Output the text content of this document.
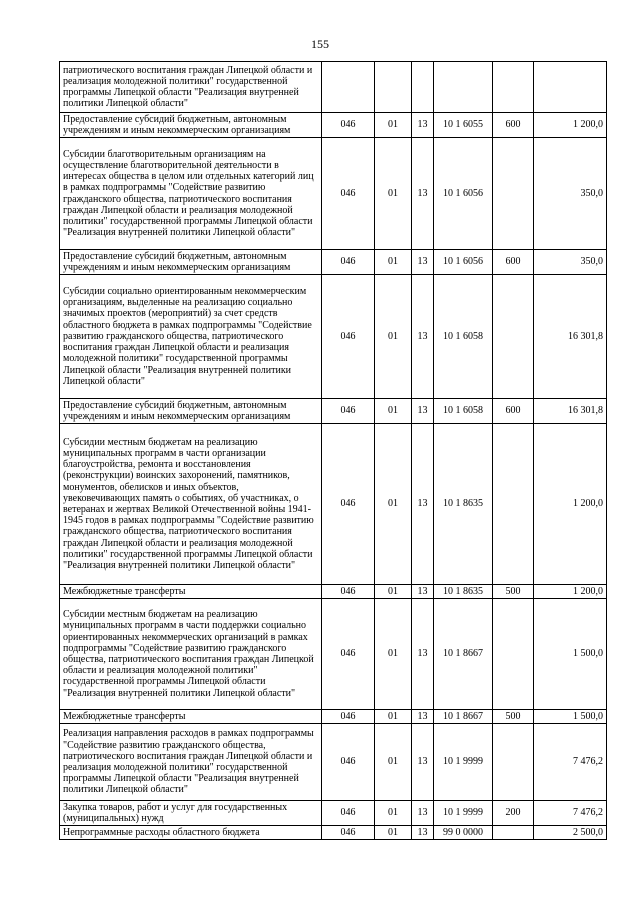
155
патриотического воспитания граждан Липецкой области и реализация молодежной политики" государственной программы Липецкой области "Реализация внутренней политики Липецкой области"						
Предоставление субсидий бюджетным, автономным учреждениям и иным некоммерческим организациям	046	01	13	10 1 6055	600	1 200,0
Субсидии благотворительным организациям на осуществление благотворительной деятельности в интересах общества в целом или отдельных категорий лиц в рамках подпрограммы "Содействие развитию гражданского общества, патриотического воспитания граждан Липецкой области и реализация молодежной политики" государственной программы Липецкой области "Реализация внутренней политики Липецкой области"	046	01	13	10 1 6056		350,0
Предоставление субсидий бюджетным, автономным учреждениям и иным некоммерческим организациям	046	01	13	10 1 6056	600	350,0
Субсидии социально ориентированным некоммерческим организациям, выделенные на реализацию социально значимых проектов (мероприятий) за счет средств областного бюджета в рамках подпрограммы "Содействие развитию гражданского общества, патриотического воспитания граждан Липецкой области и реализация молодежной политики" государственной программы Липецкой области "Реализация внутренней политики Липецкой области"	046	01	13	10 1 6058		16 301,8
Предоставление субсидий бюджетным, автономным учреждениям и иным некоммерческим организациям	046	01	13	10 1 6058	600	16 301,8
Субсидии местным бюджетам на реализацию муниципальных программ в части организации благоустройства, ремонта и восстановления (реконструкции) воинских захоронений, памятников, монументов, обелисков и иных объектов, увековечивающих память о событиях, об участниках, о ветеранах и жертвах Великой Отечественной войны 1941-1945 годов в рамках подпрограммы "Содействие развитию гражданского общества, патриотического воспитания граждан Липецкой области и реализация молодежной политики" государственной программы Липецкой области "Реализация внутренней политики Липецкой области"	046	01	13	10 1 8635		1 200,0
Межбюджетные трансферты	046	01	13	10 1 8635	500	1 200,0
Субсидии местным бюджетам на реализацию муниципальных программ в части поддержки социально ориентированных некоммерческих организаций в рамках подпрограммы "Содействие развитию гражданского общества, патриотического воспитания граждан Липецкой области и реализация молодежной политики" государственной программы Липецкой области "Реализация внутренней политики Липецкой области"	046	01	13	10 1 8667		1 500,0
Межбюджетные трансферты	046	01	13	10 1 8667	500	1 500,0
Реализация направления расходов в рамках подпрограммы "Содействие развитию гражданского общества, патриотического воспитания граждан Липецкой области и реализация молодежной политики" государственной программы Липецкой области "Реализация внутренней политики Липецкой области"	046	01	13	10 1 9999		7 476,2
Закупка товаров, работ и услуг для государственных (муниципальных) нужд	046	01	13	10 1 9999	200	7 476,2
Непрограммные расходы областного бюджета	046	01	13	99 0 0000		2 500,0
